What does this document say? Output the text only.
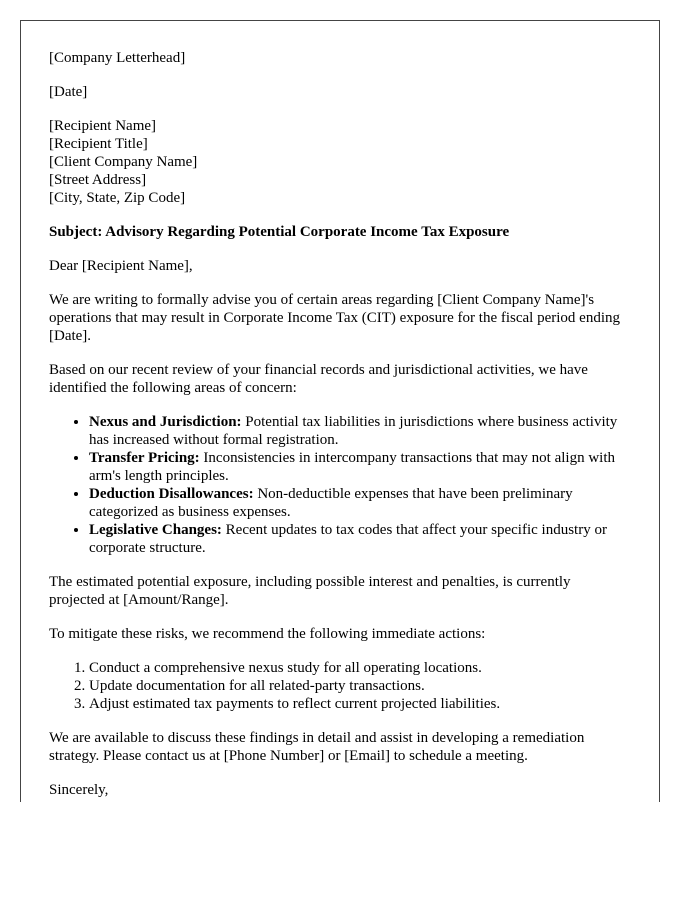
[Company Letterhead]

[Date]

[Recipient Name]

[Recipient Title]

[Client Company Name]

[Street Address]

[City, State, Zip Code]

Subject: Advisory Regarding Potential Corporate Income Tax Exposure

Dear [Recipient Name],

We are writing to formally advise you of certain areas regarding [Client Company Name]'s operations that may result in Corporate Income Tax (CIT) exposure for the fiscal period ending [Date].

Based on our recent review of your financial records and jurisdictional activities, we have identified the following areas of concern:

• Nexus and Jurisdiction: Potential tax liabilities in jurisdictions where business activity has increased without formal registration.
• Transfer Pricing: Inconsistencies in intercompany transactions that may not align with arm's length principles.
• Deduction Disallowances: Non-deductible expenses that have been preliminary categorized as business expenses.
• Legislative Changes: Recent updates to tax codes that affect your specific industry or corporate structure.

The estimated potential exposure, including possible interest and penalties, is currently projected at [Amount/Range].

To mitigate these risks, we recommend the following immediate actions:

1. Conduct a comprehensive nexus study for all operating locations.
2. Update documentation for all related-party transactions.
3. Adjust estimated tax payments to reflect current projected liabilities.

We are available to discuss these findings in detail and assist in developing a remediation strategy. Please contact us at [Phone Number] or [Email] to schedule a meeting.

Sincerely,
